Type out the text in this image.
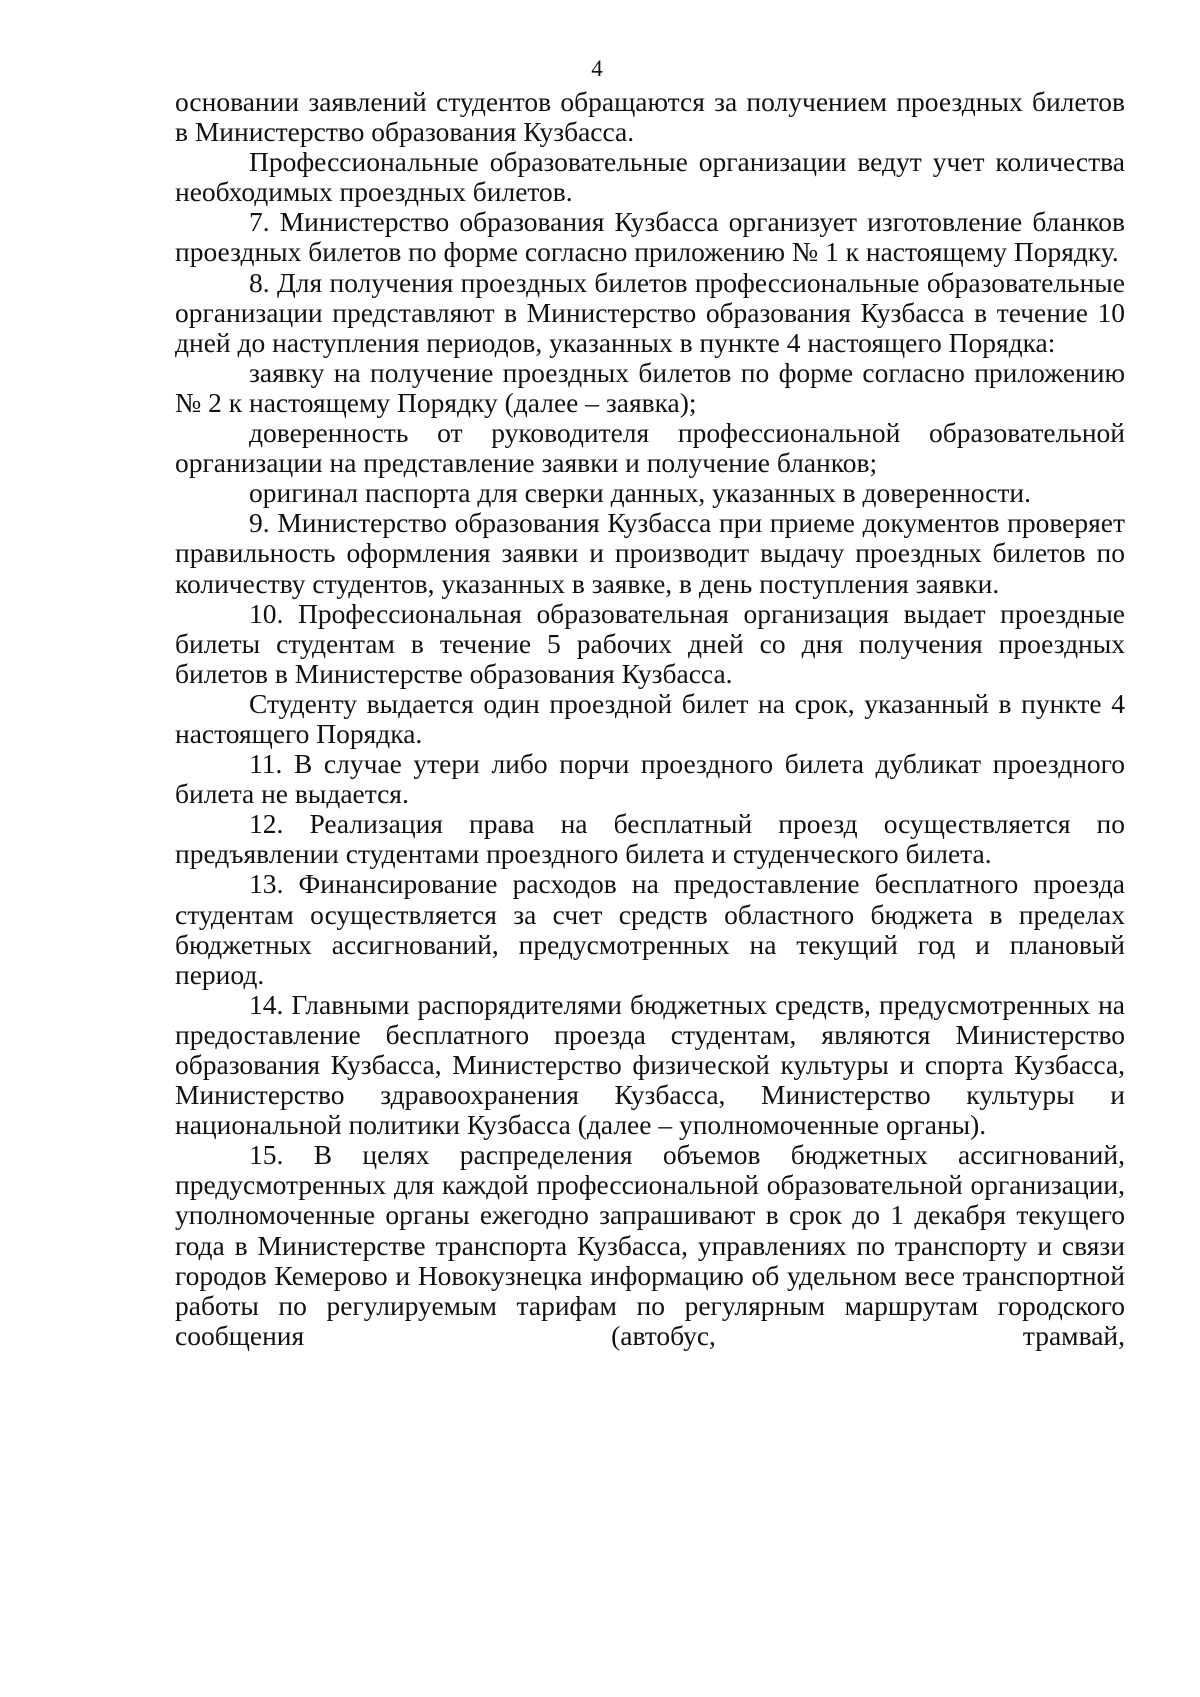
4

основании заявлений студентов обращаются за получением проездных билетов в Министерство образования Кузбасса.

Профессиональные образовательные организации ведут учет количества необходимых проездных билетов.

7. Министерство образования Кузбасса организует изготовление бланков проездных билетов по форме согласно приложению № 1 к настоящему Порядку.

8. Для получения проездных билетов профессиональные образовательные организации представляют в Министерство образования Кузбасса в течение 10 дней до наступления периодов, указанных в пункте 4 настоящего Порядка:

заявку на получение проездных билетов по форме согласно приложению № 2 к настоящему Порядку (далее – заявка);

доверенность от руководителя профессиональной образовательной организации на представление заявки и получение бланков;

оригинал паспорта для сверки данных, указанных в доверенности.

9. Министерство образования Кузбасса при приеме документов проверяет правильность оформления заявки и производит выдачу проездных билетов по количеству студентов, указанных в заявке, в день поступления заявки.

10. Профессиональная образовательная организация выдает проездные билеты студентам в течение 5 рабочих дней со дня получения проездных билетов в Министерстве образования Кузбасса.

Студенту выдается один проездной билет на срок, указанный в пункте 4 настоящего Порядка.

11. В случае утери либо порчи проездного билета дубликат проездного билета не выдается.

12. Реализация права на бесплатный проезд осуществляется по предъявлении студентами проездного билета и студенческого билета.

13. Финансирование расходов на предоставление бесплатного проезда студентам осуществляется за счет средств областного бюджета в пределах бюджетных ассигнований, предусмотренных на текущий год и плановый период.

14. Главными распорядителями бюджетных средств, предусмотренных на предоставление бесплатного проезда студентам, являются Министерство образования Кузбасса, Министерство физической культуры и спорта Кузбасса, Министерство здравоохранения Кузбасса, Министерство культуры и национальной политики Кузбасса (далее – уполномоченные органы).

15. В целях распределения объемов бюджетных ассигнований, предусмотренных для каждой профессиональной образовательной организации, уполномоченные органы ежегодно запрашивают в срок до 1 декабря текущего года в Министерстве транспорта Кузбасса, управлениях по транспорту и связи городов Кемерово и Новокузнецка информацию об удельном весе транспортной работы по регулируемым тарифам по регулярным маршрутам городского сообщения (автобус, трамвай,
